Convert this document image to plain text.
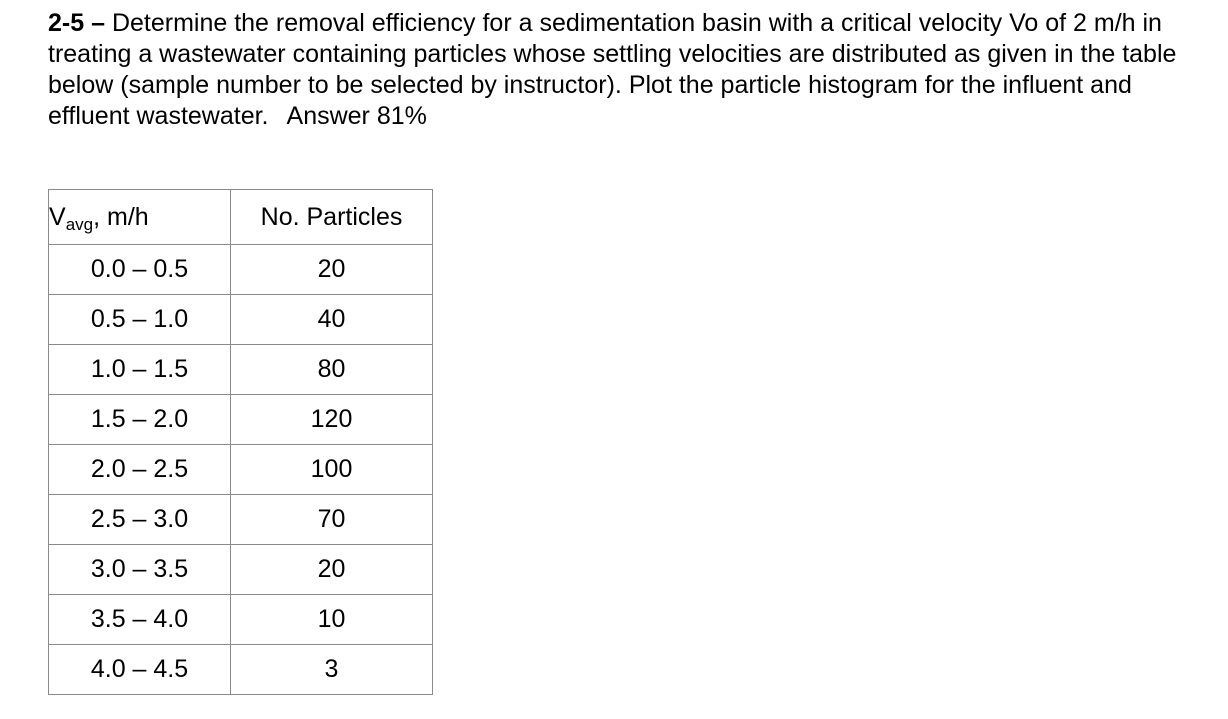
2-5 – Determine the removal efficiency for a sedimentation basin with a critical velocity Vo of 2 m/h in treating a wastewater containing particles whose settling velocities are distributed as given in the table below (sample number to be selected by instructor). Plot the particle histogram for the influent and effluent wastewater. Answer 81%

$V_{avg}$, m/h	No. Particles
0.0 – 0.5	20
0.5 – 1.0	40
1.0 – 1.5	80
1.5 – 2.0	120
2.0 – 2.5	100
2.5 – 3.0	70
3.0 – 3.5	20
3.5 – 4.0	10
4.0 – 4.5	3
